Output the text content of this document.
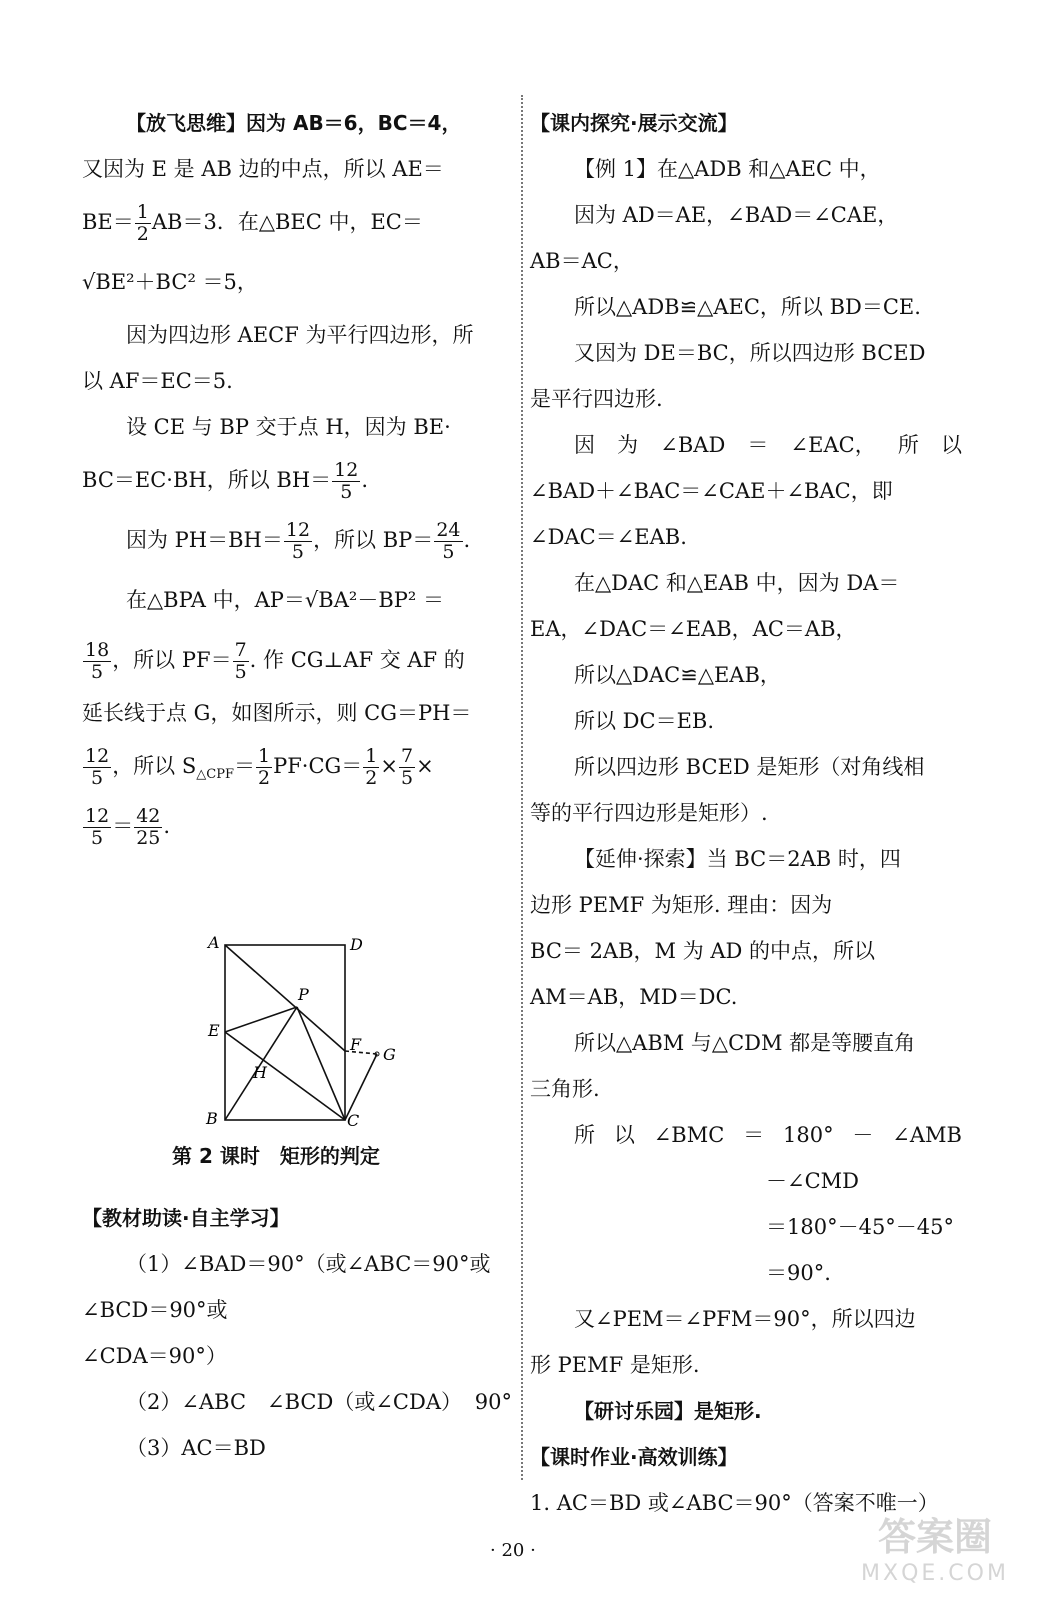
【放飞思维】因为 AB＝6，BC＝4，
又因为 E 是 AB 边的中点，所以 AE＝
$BE= \frac{1}{2} AB=3$．在△BEC 中，EC＝
√BE²＋BC² ＝5，
因为四边形 AECF 为平行四边形，所
以 AF＝EC＝5.
设 CE 与 BP 交于点 H，因为 BE·
BC＝EC·BH，所以 $BH= \frac{12}{5}$ .
因为 $PH=BH= \frac{12}{5}$ ，所以 $BP= \frac{24}{5}$ .
在△BPA 中，AP＝√BA²－BP² ＝
$\frac{18}{5}$ ，所以 $PF= \frac{7}{5}$ . 作 CG⊥AF 交 AF 的
延长线于点 G，如图所示，则 CG＝PH＝
$\frac{12}{5}$ ，所以 $S_{\triangle CPF}= \frac{1}{2} PF\cdot CG= \frac{1}{2} \times \frac{7}{5}$ ×
$\frac{12}{5} = \frac{42}{25}$ .
A	D
P
E
F
G
H
B	C
第 2 课时　矩形的判定
【教材助读·自主学习】
（1）∠BAD＝90°（或∠ABC＝90°或
∠BCD＝90°或
∠CDA＝90°）
（2）∠ABC　∠BCD（或∠CDA） 90°
（3）AC＝BD
【课内探究·展示交流】
【例 1】在△ADB 和△AEC 中，
因为 AD＝AE，∠BAD＝∠CAE，
AB＝AC，
所以△ADB≌△AEC，所以 BD＝CE.
又因为 DE＝BC，所以四边形 BCED
是平行四边形.
因 为 ∠BAD ＝ ∠EAC， 所 以
∠BAD＋∠BAC＝∠CAE＋∠BAC，即
∠DAC＝∠EAB.
在△DAC 和△EAB 中，因为 DA＝
EA，∠DAC＝∠EAB，AC＝AB，
所以△DAC≌△EAB，
所以 DC＝EB.
所以四边形 BCED 是矩形（对角线相
等的平行四边形是矩形）.
【延伸·探索】当 BC＝2AB 时，四
边形 PEMF 为矩形. 理由：因为
BC＝ 2AB，M 为 AD 的中点，所以
AM＝AB，MD＝DC.
所以△ABM 与△CDM 都是等腰直角
三角形.
所 以 ∠BMC ＝ 180° － ∠AMB
－∠CMD
＝180°－45°－45°
＝90°.
又∠PEM＝∠PFM＝90°，所以四边
形 PEMF 是矩形.
【研讨乐园】是矩形.
【课时作业·高效训练】
1. AC＝BD 或∠ABC＝90°（答案不唯一）
· 20 ·	答案圈
MXQE.COM
